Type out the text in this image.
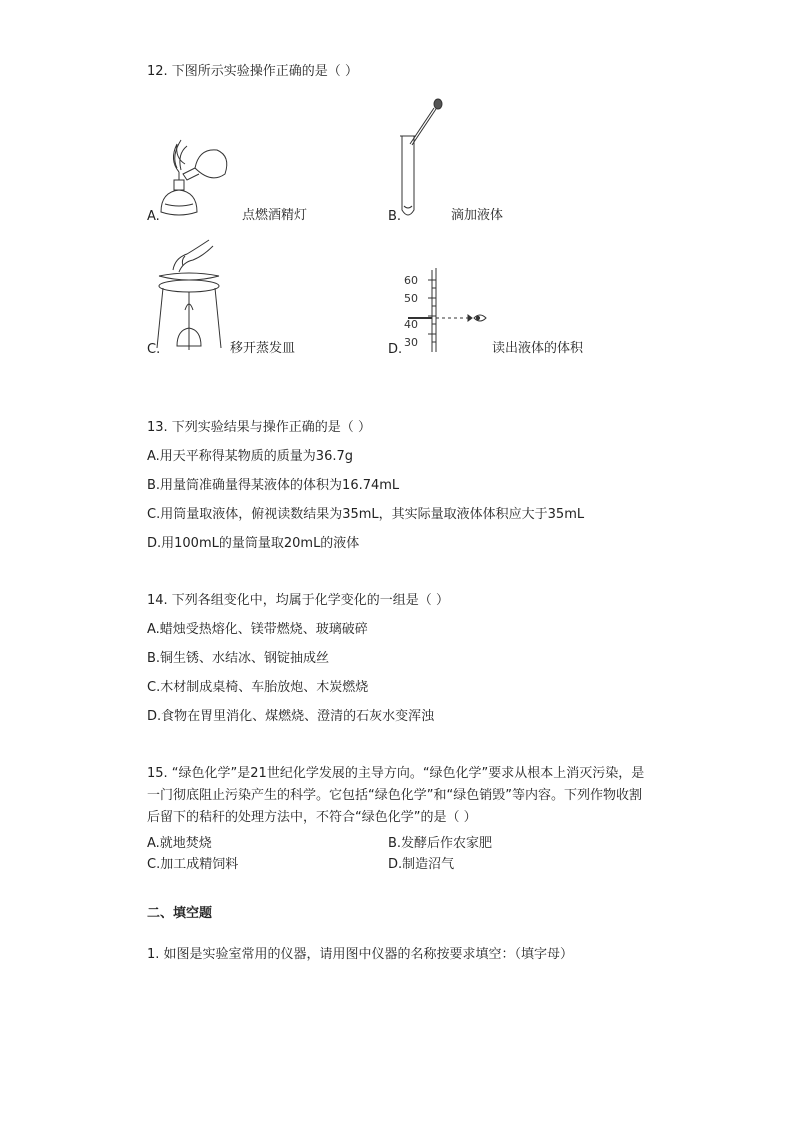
12. 下图所示实验操作正确的是（ ）
A.	点燃酒精灯	B.	滴加液体
C.	移开蒸发皿
60
50
40
30
D.	读出液体的体积
13. 下列实验结果与操作正确的是（ ）
A.用天平称得某物质的质量为36.7g
B.用量筒准确量得某液体的体积为16.74mL
C.用筒量取液体，俯视读数结果为35mL，其实际量取液体体积应大于35mL
D.用100mL的量筒量取20mL的液体
14. 下列各组变化中，均属于化学变化的一组是（ ）
A.蜡烛受热熔化、镁带燃烧、玻璃破碎
B.铜生锈、水结冰、钢锭抽成丝
C.木材制成桌椅、车胎放炮、木炭燃烧
D.食物在胃里消化、煤燃烧、澄清的石灰水变浑浊
15. “绿色化学”是21世纪化学发展的主导方向。“绿色化学”要求从根本上消灭污染，是
一门彻底阻止污染产生的科学。它包括“绿色化学”和“绿色销毁”等内容。下列作物收割
后留下的秸秆的处理方法中，不符合“绿色化学”的是（ ）
A.就地焚烧	B.发酵后作农家肥
C.加工成精饲料	D.制造沼气
二、填空题
1. 如图是实验室常用的仪器，请用图中仪器的名称按要求填空：（填字母）
